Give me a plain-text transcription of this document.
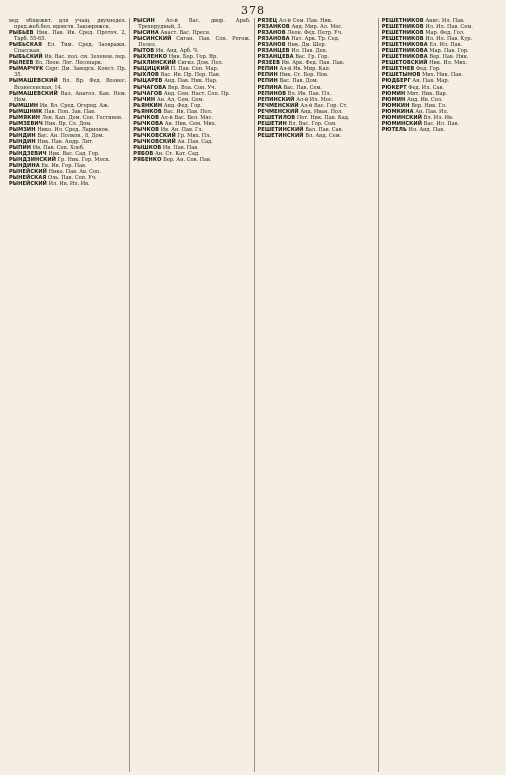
378

вед. общежит. для учащ. двухнедел. пред.жеб.бол. вдовств. Заковряжск.

РЫБЬЕВ Ник. Пав. Ив. Сред. Проточ. 2, Тарб. 55-65.

РЫБЬСКАЯ Ел. Тим. Сред. Заовражн. Спасская.

РЫБЬСКИЙ Ив. Вас. пол. см. Зеленов. пер.

РЫЛЕЕВ Вл. Леон. Лог. Лесопарк.

РЫМАРЧУК Серг. Дм. Заводск. Конст. Пр. 35.

РЫМАШЕВСКИЙ Вл. Вр. Фед. Вознес. Вознесенская, 14.

РЫМАШЕВСКИЙ Вал. Анатол. Кав. Нем. Нем.

РЫМШИН Ив. Вл. Сред. Огород. Аж.

РЫМШНИК Пав. Поп. Зав. Пав.

РЫМЯКИН Лев. Кап. Дом. Соп. Гостинов.

РЫМЗЕВИЧ Ник. Вр. Сл. Дом.

РЫМЗИН Нико. Ил. Сред. Ларионов.

РЫНДИН Вас. Ан. Полков., 8, Дом.

РЫНДИН Ник. Пав. Андр. Лит.

РЫПИН Ив. Пав. Соп. Хлеб.

РЫНДЗЕВИЧ Ник. Вас. Сад. Гор.

РЫНДЗИНСКИЙ Гр. Ник. Гор. Моск.

РЫНДИНА Ек. Ив. Гор. Пав.

РЫНЕЙСКИЙ Нико. Пав. Ав. Соп.

РЫНЕЙСКАЯ Оль. Пав. Соп. Уч.

РЫНЕЙСКИЙ Ил. Ив. Ил. Ив.

РЫСИН Ал-й Вас. двор. Араб. Трехпрудный, 3.

РЫСИНА Анаст. Вас. Пресн.

РЫСИНСКИЙ Сиган. Пав. Соп. Рогож. Полез.

РЫТОВ Ив. Анд. Арб. Ч.

РЫХЛЕНКО Ник. Бор. Гор. Яр.

РЫХЛИНСКИЙ Сигиз. Дом. Пол.

РЫЦИЦКИЙ П. Пав. Соп. Мар.

РЫХЛОВ Вас. Ив. Пр. Пер. Пав.

РЫЦАРЕВ Анд. Пав. Ник. Нар.

РЫЧАГОВА Вер. Вла. Соп. Уч.

РЫЧАГОВ Анд. Сем. Наст. Соп. Пр.

РЫЧИН Ан. Ал. Сем. Сем.

РЬЯНКИН Анд. Фед. Гор.

РЬЯНКОВ Вас. Ив. Пав. Пол.

РЫЧКОВ Ал-й Вас. Бел. Мяс.

РЫЧКОВА Ан. Ник. Сем. Мих.

РЫЧКОВ Ив. Ан. Пав. Гл.

РЫЧКОВСКИЙ Гр. Мих. Пл.

РЫЧКОВСКИЙ Ан. Пав. Сад.

РЫШКОВ Ив. Пав. Пав.

РЯБОВ Ан. Ст. Кат. Сад.

РЯБЕНКО Бор. Ан. Сов. Пав.

РЯЗЕЦ Ал-й Сем. Пав. Ник.

РЯЗАНКОВ Анд. Мир. Ал. Мос.

РЯЗАНОВ Леон. Фед. Петр. Уч.

РЯЗАНОВА Нат. Арк. Тр. Сед.

РЯЗАНОВ Ник. Дм. Шер.

РЯЗАНЦЕВ Ил. Пав. Деп.

РЯЗАНЦЕВА Вас. Гр. Гор.

РЯЗЕЕВ Ив. Арк. Фед. Пав. Пав.

РЕПИН Ал-й Ив. Мир. Кап.

РЕПИН Ник. Ст. Бор. Нов.

РЕПИН Вас. Пав. Дом.

РЕПИНА Вас. Пав. Сем.

РЕПИНОВ Вл. Ив. Пав. Пл.

РЕПИНСКИЙ Ал-й Ил. Мос.

РЕЧМЕНСКИЙ Ал-й Вас. Гор. Ст.

РЕЧМЕНСКИЙ Анд. Иван. Пол.

РЕШЕТИЛОВ Пет. Ник. Пав. Кад.

РЕШЕТИН Вл. Вас. Гор. Сем.

РЕШЕТИНСКИЙ Вал. Пав. Сав.

РЕШЕТИНСКИЙ Вл. Анд. Сем.

РЕШЕТНИКОВ Анис. Ил. Пав.

РЕШЕТНИКОВ Ил. Ил. Пав. Сем.

РЕШЕТНИКОВ Мар. Фед. Гол.

РЕШЕТНИКОВ Ил. Ил. Пав. Кур.

РЕШЕТНИКОВА Ел. Ил. Пав.

РЕШЕТНИКОВА Мар. Пав. Гор.

РЕШЕТНИКОВА Вер. Пав. Ник.

РЕШЕТОВСКИЙ Ник. Ил. Мих.

РЕШЕТНЕВ Фед. Гор.

РЕШЕТЫНОВ Мих. Ник. Пав.

РЮДБЕРГ Ан. Пав. Мар.

РЮКЕРТ Фед. Ил. Сав.

РЮМИН Мит. Ник. Вар.

РЮМИН Анд. Ив. Сол.

РЮМКИН Вер. Ник. Гл.

РЮМКИНА Ан. Пав. Ил.

РЮМИНСКИЙ Вл. Ил. Ив.

РЮМИНСКИЙ Вас. Ил. Пав.

РЮТЕЛЬ Ил. Анд. Пав.
